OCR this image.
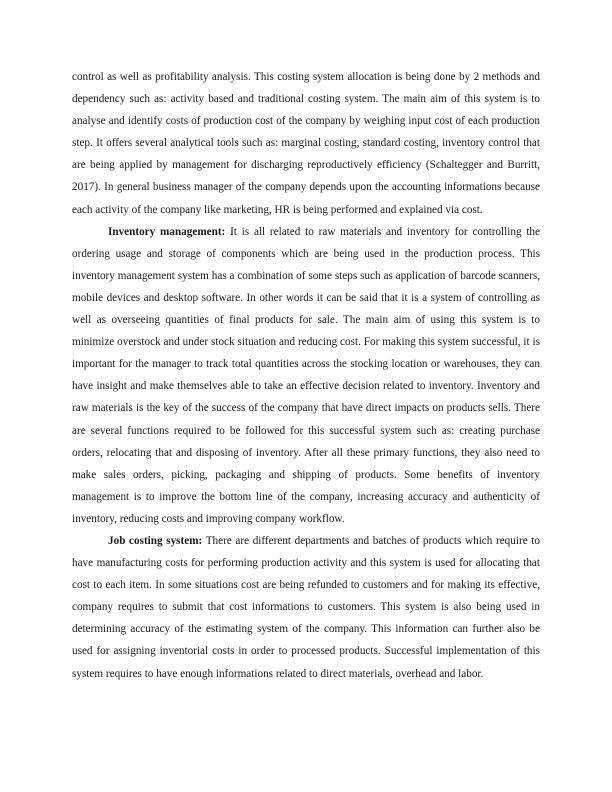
control as well as profitability analysis. This costing system allocation is being done by 2 methods and dependency such as: activity based and traditional costing system. The main aim of this system is to analyse and identify costs of production cost of the company by weighing input cost of each production step. It offers several analytical tools such as: marginal costing, standard costing, inventory control that are being applied by management for discharging reproductively efficiency (Schaltegger and Burritt, 2017). In general business manager of the company depends upon the accounting informations because each activity of the company like marketing, HR is being performed and explained via cost.

Inventory management: It is all related to raw materials and inventory for controlling the ordering usage and storage of components which are being used in the production process. This inventory management system has a combination of some steps such as application of barcode scanners, mobile devices and desktop software. In other words it can be said that it is a system of controlling as well as overseeing quantities of final products for sale. The main aim of using this system is to minimize overstock and under stock situation and reducing cost. For making this system successful, it is important for the manager to track total quantities across the stocking location or warehouses, they can have insight and make themselves able to take an effective decision related to inventory. Inventory and raw materials is the key of the success of the company that have direct impacts on products sells. There are several functions required to be followed for this successful system such as: creating purchase orders, relocating that and disposing of inventory. After all these primary functions, they also need to make sales orders, picking, packaging and shipping of products. Some benefits of inventory management is to improve the bottom line of the company, increasing accuracy and authenticity of inventory, reducing costs and improving company workflow.

Job costing system: There are different departments and batches of products which require to have manufacturing costs for performing production activity and this system is used for allocating that cost to each item. In some situations cost are being refunded to customers and for making its effective, company requires to submit that cost informations to customers. This system is also being used in determining accuracy of the estimating system of the company. This information can further also be used for assigning inventorial costs in order to processed products. Successful implementation of this system requires to have enough informations related to direct materials, overhead and labor.
